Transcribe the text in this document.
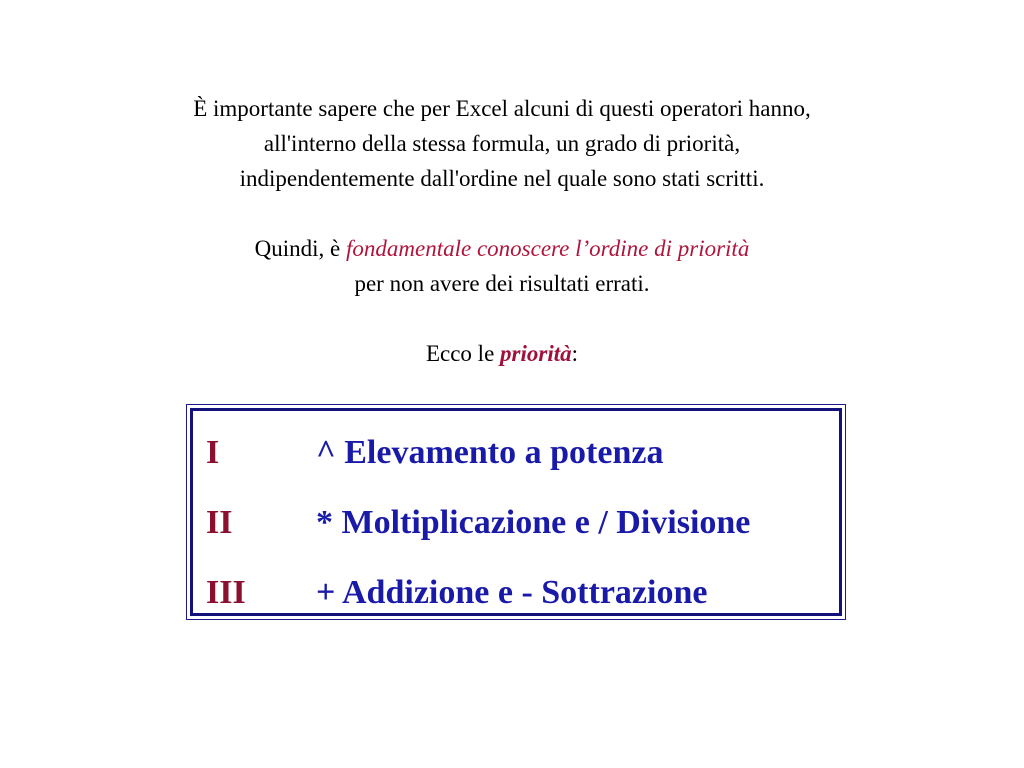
È importante sapere che per Excel alcuni di questi operatori hanno,

all'interno della stessa formula, un grado di priorità,

indipendentemente dall'ordine nel quale sono stati scritti.

Quindi, è fondamentale conoscere l’ordine di priorità

per non avere dei risultati errati.

Ecco le priorità:

I	^ Elevamento a potenza
II * Moltiplicazione e / Divisione
III + Addizione e - Sottrazione
